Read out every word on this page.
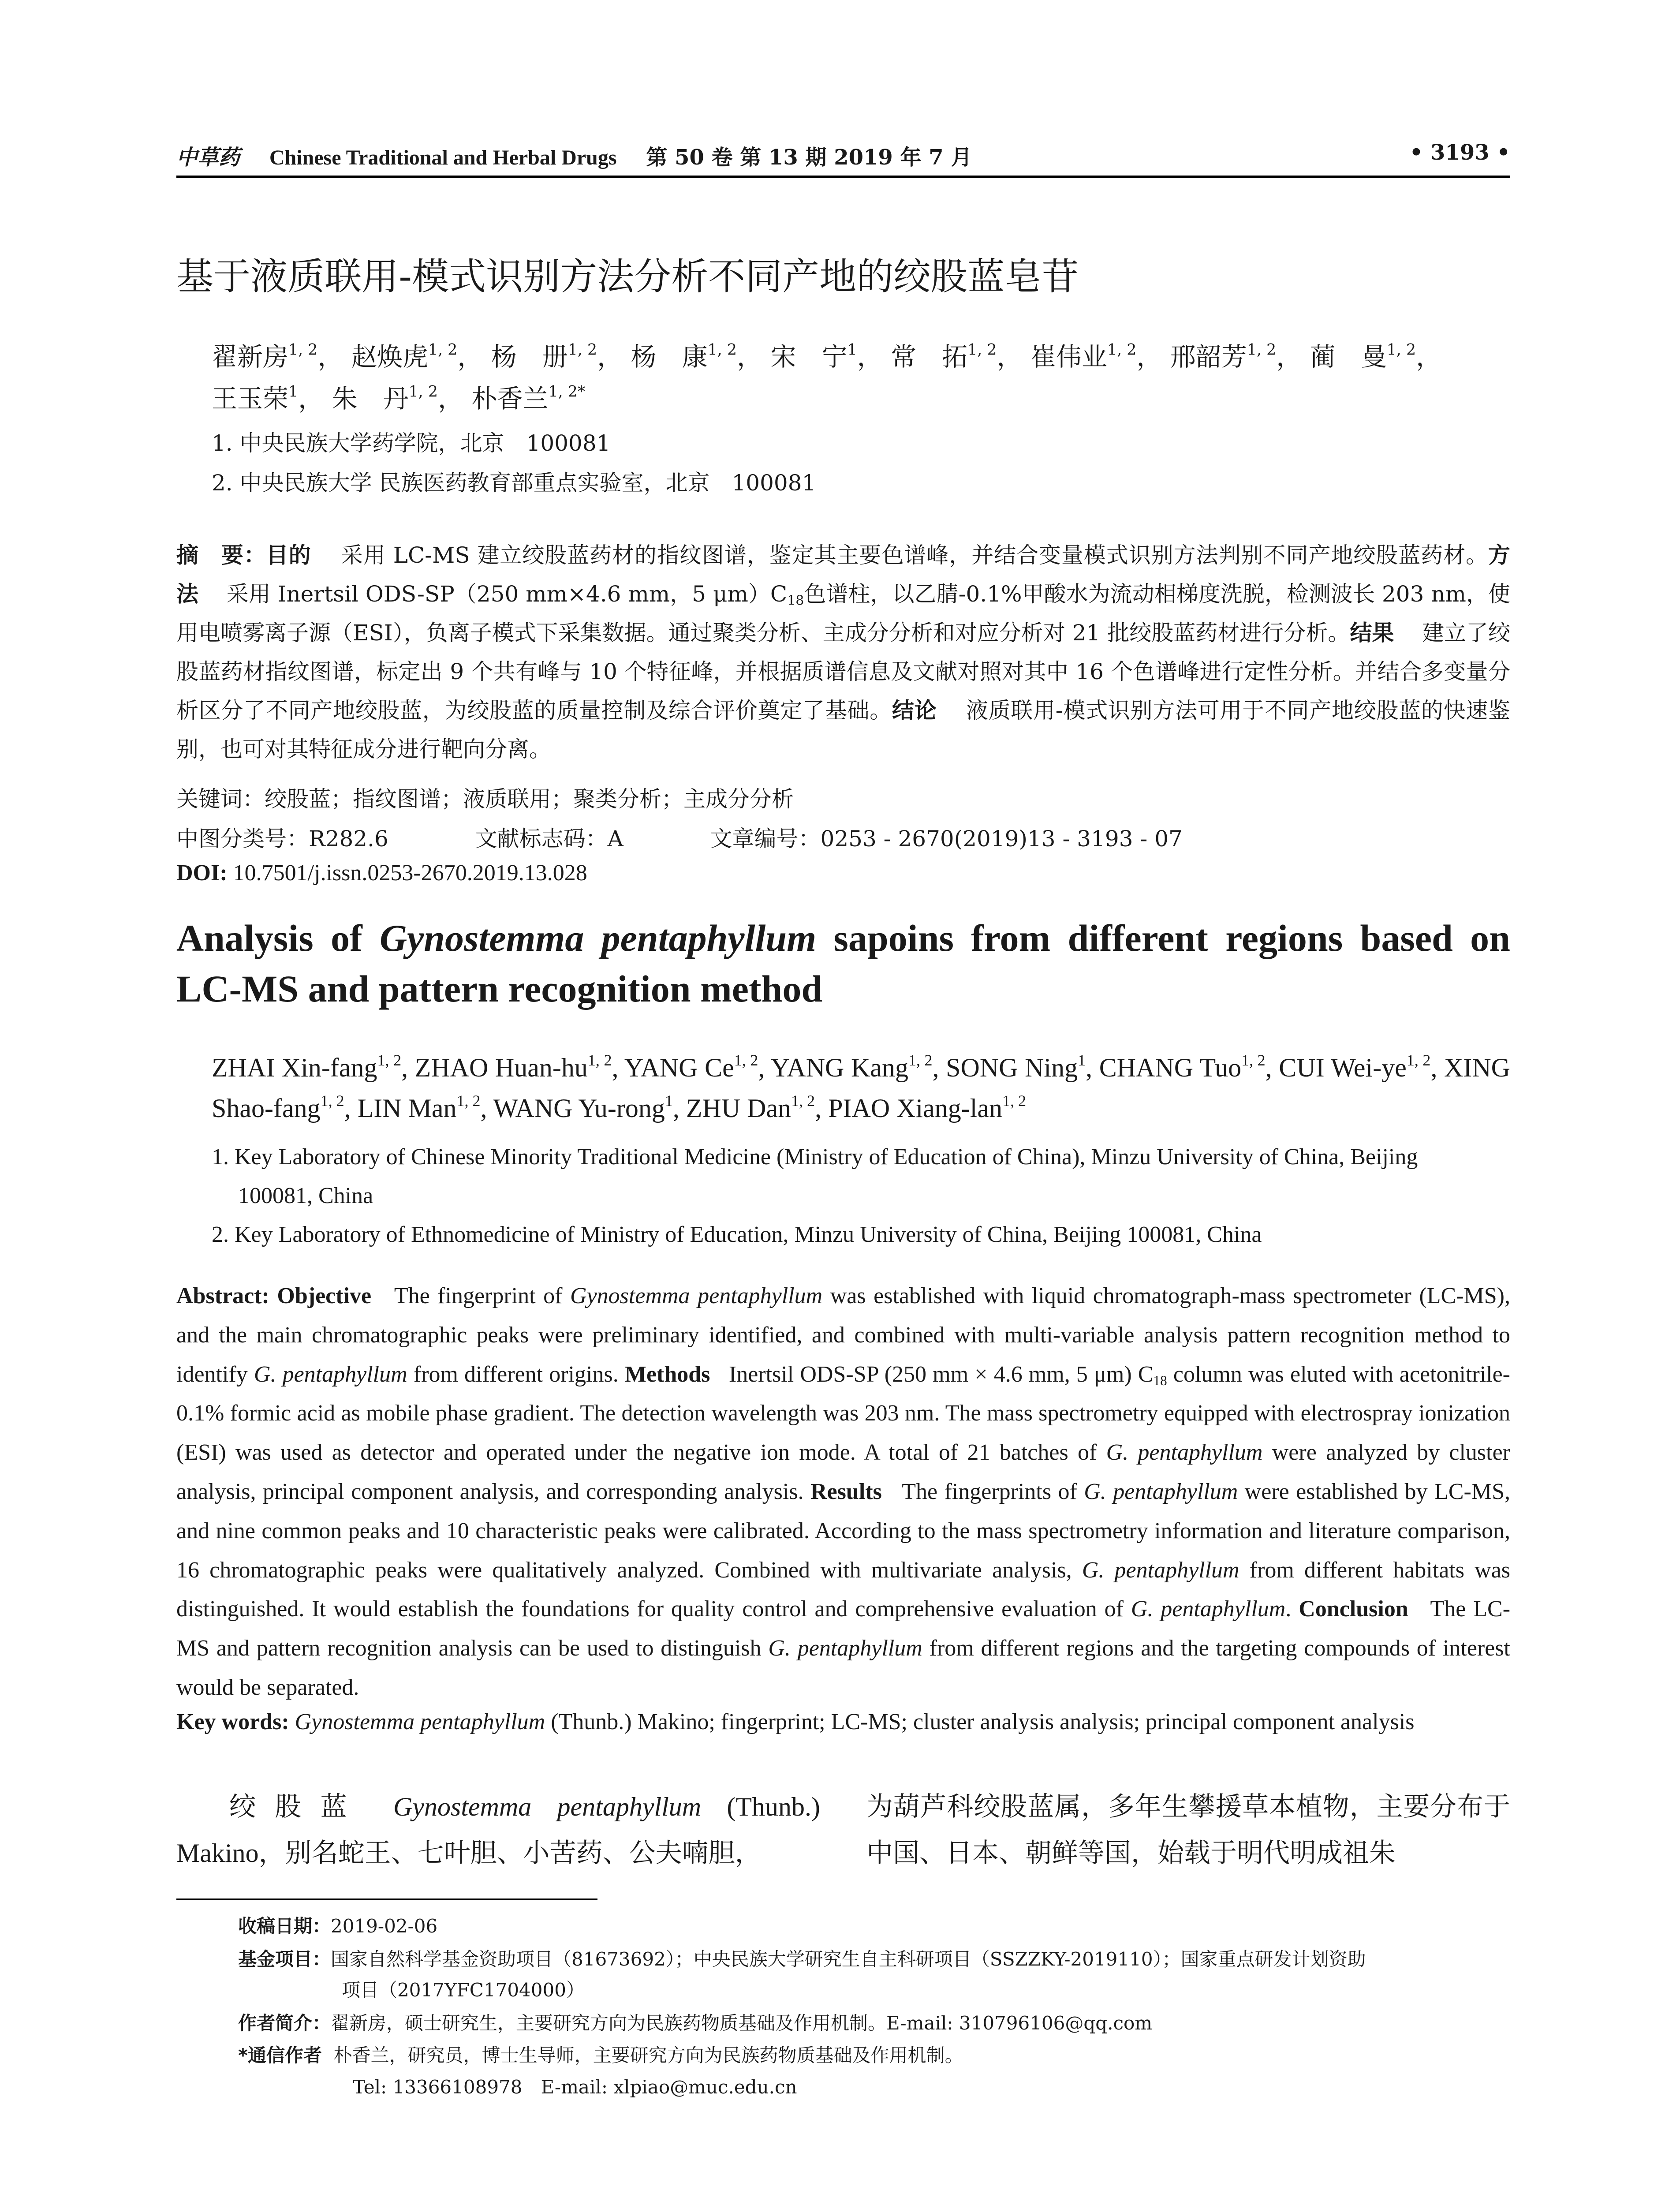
中草药 Chinese Traditional and Herbal Drugs 第 50 卷 第 13 期 2019 年 7 月	• 3193 •
基于液质联用-模式识别方法分析不同产地的绞股蓝皂苷
翟新房$^{1, 2}$， 赵焕虎$^{1, 2}$， 杨　册$^{1, 2}$， 杨　康$^{1, 2}$， 宋　宁$^1$， 常　拓$^{1, 2}$， 崔伟业$^{1, 2}$， 邢韶芳$^{1, 2}$， 蔺　曼$^{1, 2}$，
王玉荣$^1$， 朱　丹$^{1, 2}$， 朴香兰$^{1, 2*}$
1. 中央民族大学药学院，北京　100081
2. 中央民族大学 民族医药教育部重点实验室，北京　100081
摘　要：目的 采用 LC-MS 建立绞股蓝药材的指纹图谱，鉴定其主要色谱峰，并结合变量模式识别方法判别不同产地绞股蓝药材。方法 采用 Inertsil ODS-SP（250 mm×4.6 mm，5 $\mu m)C_{18}$色谱柱，以乙腈-0.1%甲酸水为流动相梯度洗脱，检测波长 203 nm，使用电喷雾离子源（ESI），负离子模式下采集数据。通过聚类分析、主成分分析和对应分析对 21 批绞股蓝药材进行分析。结果 建立了绞股蓝药材指纹图谱，标定出 9 个共有峰与 10 个特征峰，并根据质谱信息及文献对照对其中 16 个色谱峰进行定性分析。并结合多变量分析区分了不同产地绞股蓝，为绞股蓝的质量控制及综合评价奠定了基础。结论 液质联用-模式识别方法可用于不同产地绞股蓝的快速鉴别，也可对其特征成分进行靶向分离。
关键词：绞股蓝；指纹图谱；液质联用；聚类分析；主成分分析
中图分类号：R282.6	文献标志码：A	文章编号：0253 - 2670(2019)13 - 3193 - 07
DOI: 10.7501/j.issn.0253-2670.2019.13.028
Analysis of Gynostemma pentaphyllum sapoins from different regions based on LC-MS and pattern recognition method
ZHAI Xin-fang$^{1, 2}$, ZHAO Huan-hu$^{1, 2}$, YANG Ce$^{1, 2}$, YANG Kang$^{1, 2}$, SONG Ning$^1$, CHANG Tuo$^{1, 2}$, CUI Wei-ye$^{1, 2}$, XING Shao-fang$^{1, 2}$, LIN Man$^{1, 2}$, WANG Yu-rong$^1$, ZHU Dan$^{1, 2}$, PIAO Xiang-lan$^{1, 2}$
1. Key Laboratory of Chinese Minority Traditional Medicine (Ministry of Education of China), Minzu University of China, Beijing
100081, China
2. Key Laboratory of Ethnomedicine of Ministry of Education, Minzu University of China, Beijing 100081, China
Abstract: Objective The fingerprint of Gynostemma pentaphyllum was established with liquid chromatograph-mass spectrometer (LC-MS), and the main chromatographic peaks were preliminary identified, and combined with multi-variable analysis pattern recognition method to identify G. pentaphyllum from different origins. Methods Inertsil ODS-SP (250 mm × 4.6 mm, 5 μm) $C_{18}$ column was eluted with acetonitrile-0.1% formic acid as mobile phase gradient. The detection wavelength was 203 nm. The mass spectrometry equipped with electrospray ionization (ESI) was used as detector and operated under the negative ion mode. A total of 21 batches of G. pentaphyllum were analyzed by cluster analysis, principal component analysis, and corresponding analysis. Results The fingerprints of G. pentaphyllum were established by LC-MS, and nine common peaks and 10 characteristic peaks were calibrated. According to the mass spectrometry information and literature comparison, 16 chromatographic peaks were qualitatively analyzed. Combined with multivariate analysis, G. pentaphyllum from different habitats was distinguished. It would establish the foundations for quality control and comprehensive evaluation of G. pentaphyllum. Conclusion The LC-MS and pattern recognition analysis can be used to distinguish G. pentaphyllum from different regions and the targeting compounds of interest would be separated.
Key words: Gynostemma pentaphyllum (Thunb.) Makino; fingerprint; LC-MS; cluster analysis analysis; principal component analysis
绞股蓝 Gynostemma pentaphyllum (Thunb.) Makino，别名蛇王、七叶胆、小苦药、公夫喃胆，
为葫芦科绞股蓝属，多年生攀援草本植物，主要分布于中国、日本、朝鲜等国，始载于明代明成祖朱
收稿日期：2019-02-06
基金项目：国家自然科学基金资助项目（81673692）；中央民族大学研究生自主科研项目（SSZZKY-2019110）；国家重点研发计划资助
项目（2017YFC1704000）
作者简介：翟新房，硕士研究生，主要研究方向为民族药物质基础及作用机制。E-mail: 310796106@qq.com
*通信作者 朴香兰，研究员，博士生导师，主要研究方向为民族药物质基础及作用机制。
Tel: 13366108978　E-mail: xlpiao@muc.edu.cn
